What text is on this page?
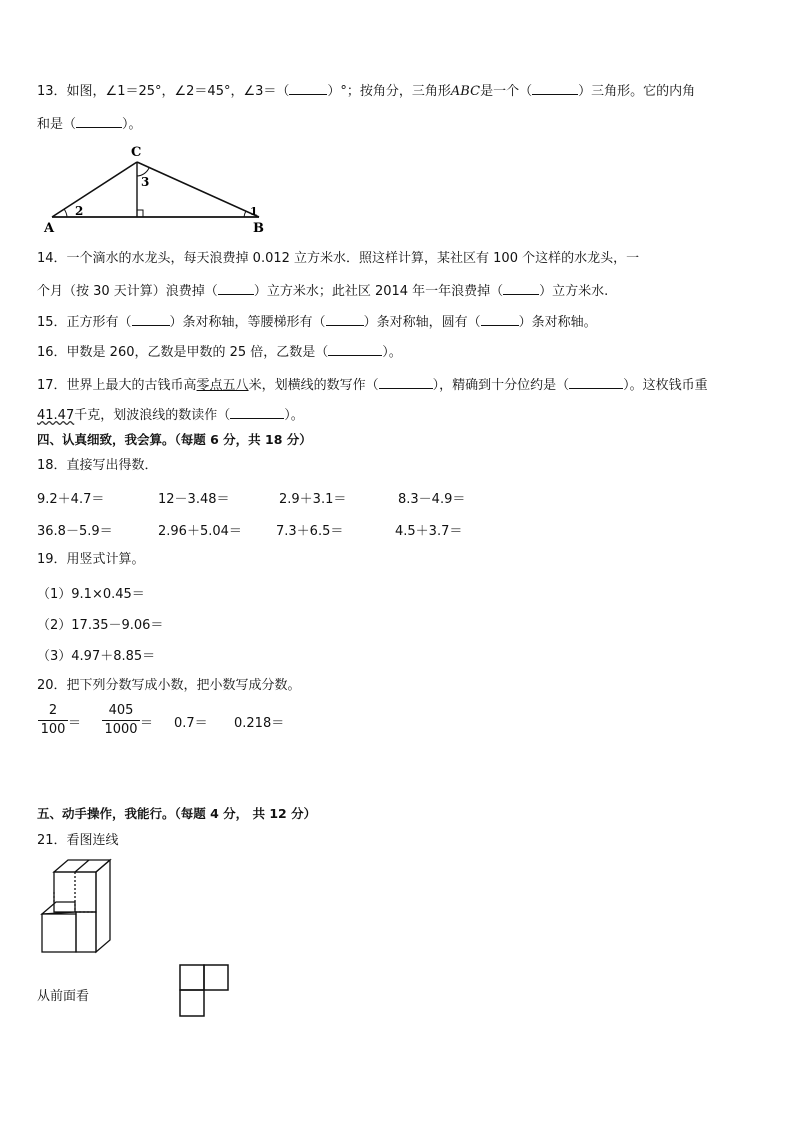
13．如图，∠1＝25°，∠2＝45°，∠3＝（	）°；按角分，三角形ABC是一个（	）三角形。它的内角
和是（	）。
C
A	B
2	1
3
14．一个滴水的水龙头，每天浪费掉 0.012 立方米水．照这样计算，某社区有 100 个这样的水龙头，一
个月（按 30 天计算）浪费掉（	）立方米水；此社区 2014 年一年浪费掉（	）立方米水.
15．正方形有（	）条对称轴，等腰梯形有（	）条对称轴，圆有（	）条对称轴。
16．甲数是 260，乙数是甲数的 25 倍，乙数是（	）。
17．世界上最大的古钱币高零点五八米，划横线的数写作（	），精确到十分位约是（	）。这枚钱币重
41.47千克，划波浪线的数读作（	）。
四、认真细致，我会算。（每题 6 分，共 18 分）
18．直接写出得数．
9.2＋4.7＝	12－3.48＝	2.9＋3.1＝	8.3－4.9＝
36.8－5.9＝	2.96＋5.04＝	7.3＋6.5＝	4.5＋3.7＝
19．用竖式计算。
（1）9.1×0.45＝
（2）17.35－9.06＝
（3）4.97＋8.85＝
20．把下列分数写成小数，把小数写成分数。
$\frac{2}{100} = \frac{405}{1000} = 0.7= 0.218=$
五、动手操作，我能行。（每题 4 分， 共 12 分）
21．看图连线
从前面看
